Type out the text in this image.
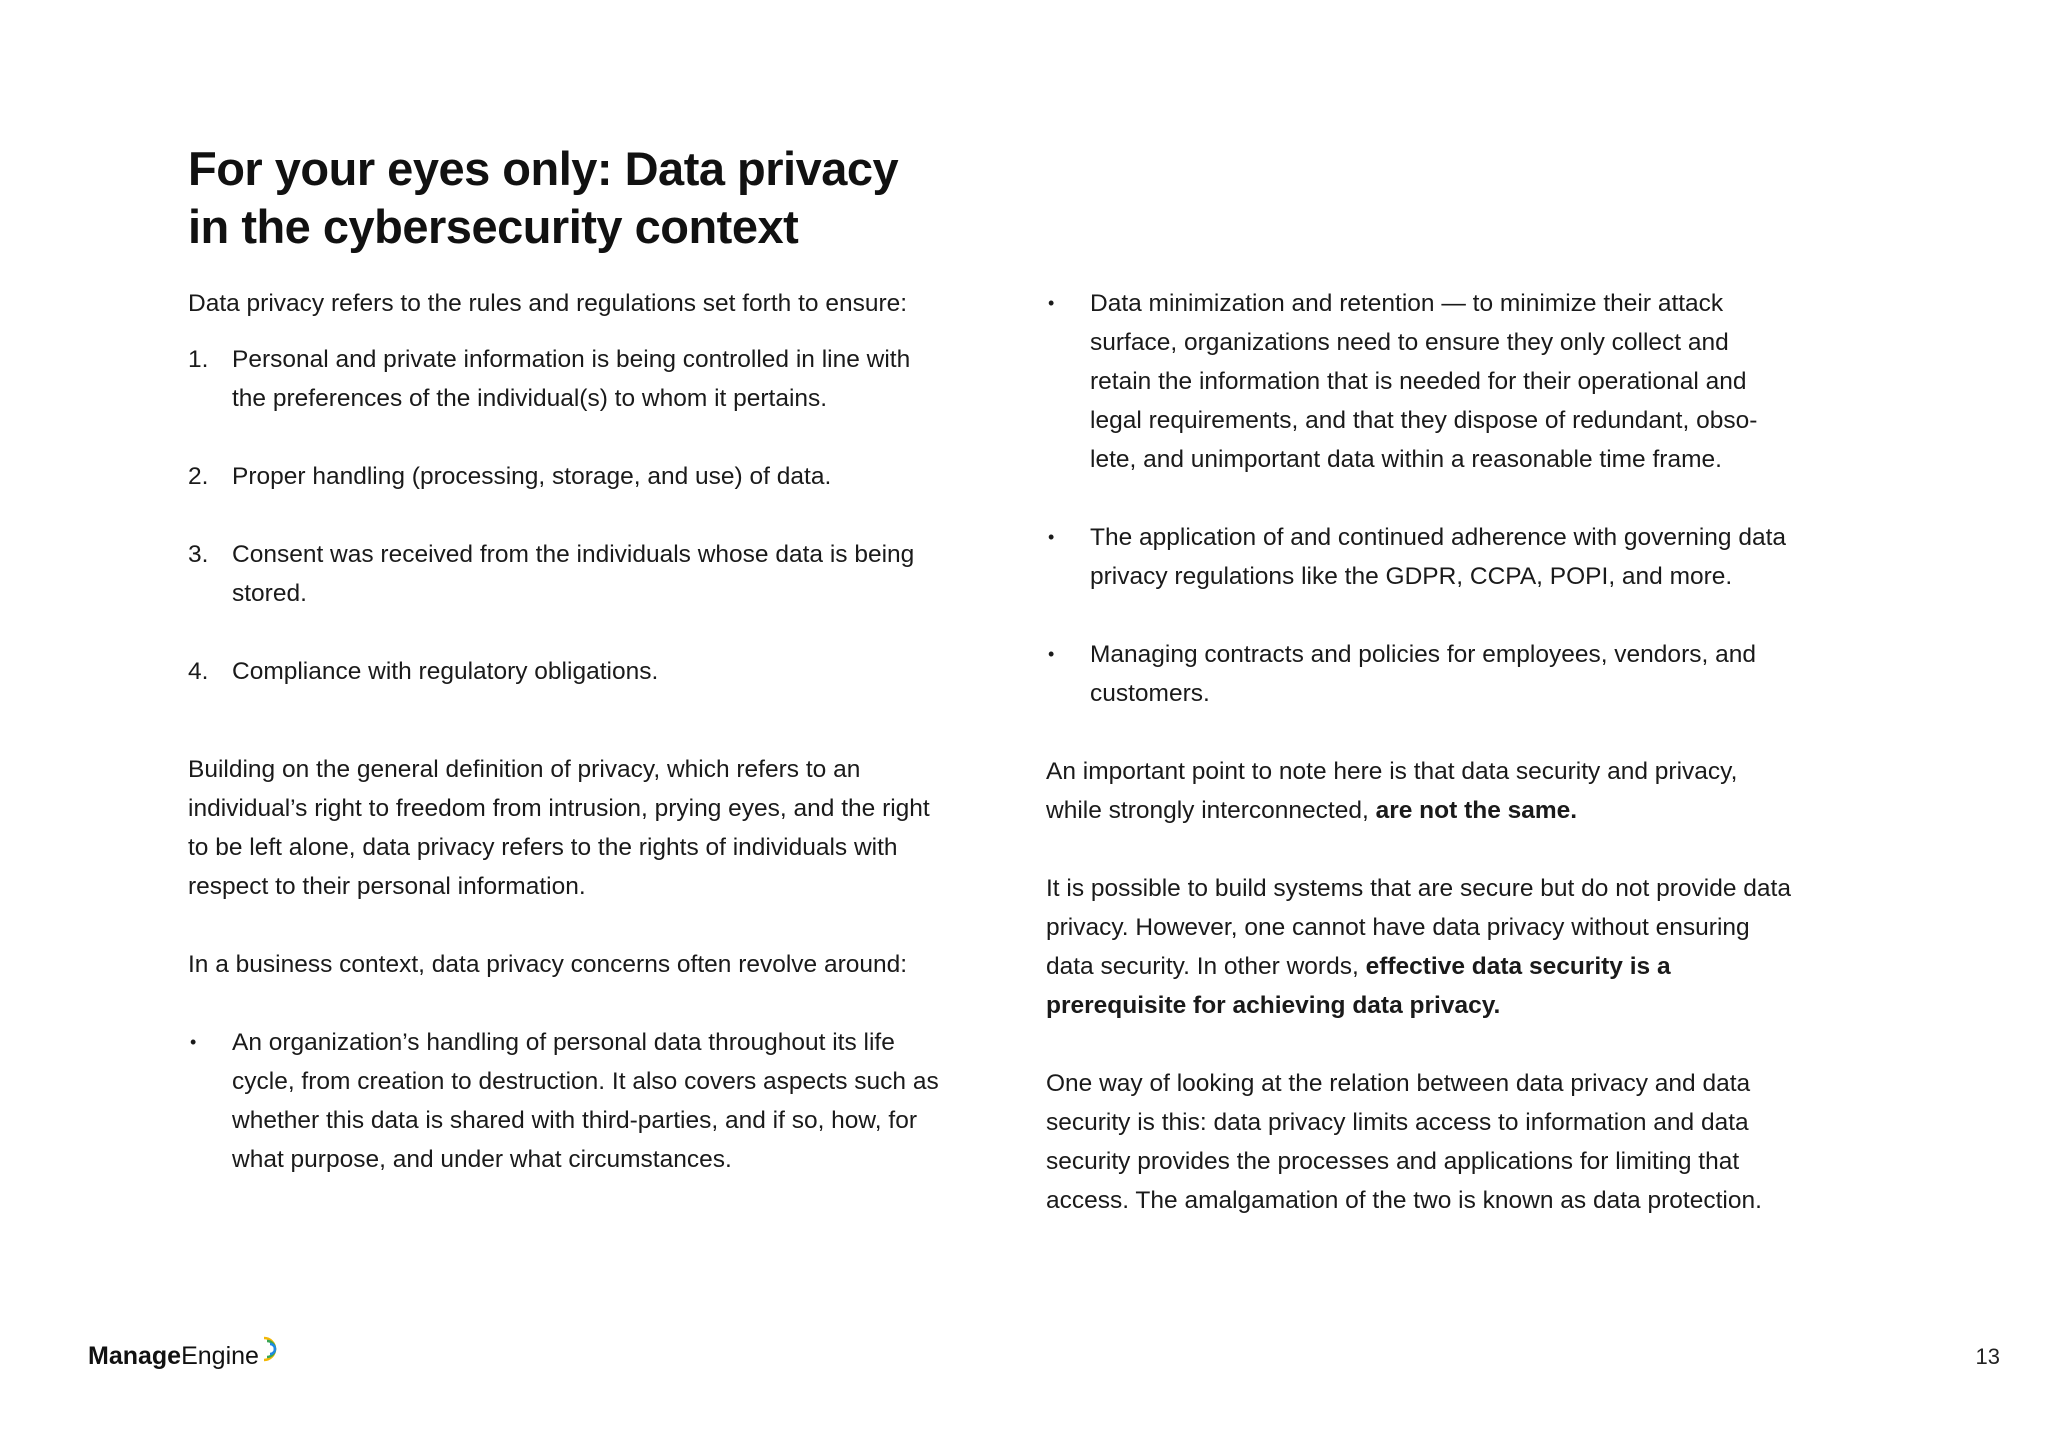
For your eyes only: Data privacy
in the cybersecurity context

Data privacy refers to the rules and regulations set forth to ensure:

1. Personal and private information is being controlled in line with the preferences of the individual(s) to whom it pertains.
2. Proper handling (processing, storage, and use) of data.
3. Consent was received from the individuals whose data is being stored.
4. Compliance with regulatory obligations.

Building on the general definition of privacy, which refers to an individual’s right to freedom from intrusion, prying eyes, and the right to be left alone, data privacy refers to the rights of individuals with respect to their personal information.

In a business context, data privacy concerns often revolve around:

• An organization’s handling of personal data throughout its life cycle, from creation to destruction. It also covers aspects such as whether this data is shared with third-parties, and if so, how, for what purpose, and under what circumstances.
• Data minimization and retention — to minimize their attack surface, organizations need to ensure they only collect and retain the information that is needed for their operational and legal requirements, and that they dispose of redundant, obso-lete, and unimportant data within a reasonable time frame.
• The application of and continued adherence with governing data privacy regulations like the GDPR, CCPA, POPI, and more.
• Managing contracts and policies for employees, vendors, and customers.

An important point to note here is that data security and privacy, while strongly interconnected, are not the same.

It is possible to build systems that are secure but do not provide data privacy. However, one cannot have data privacy without ensuring data security. In other words, effective data security is a prerequisite for achieving data privacy.

One way of looking at the relation between data privacy and data security is this: data privacy limits access to information and data security provides the processes and applications for limiting that access. The amalgamation of the two is known as data protection.

Manage Engine	13
